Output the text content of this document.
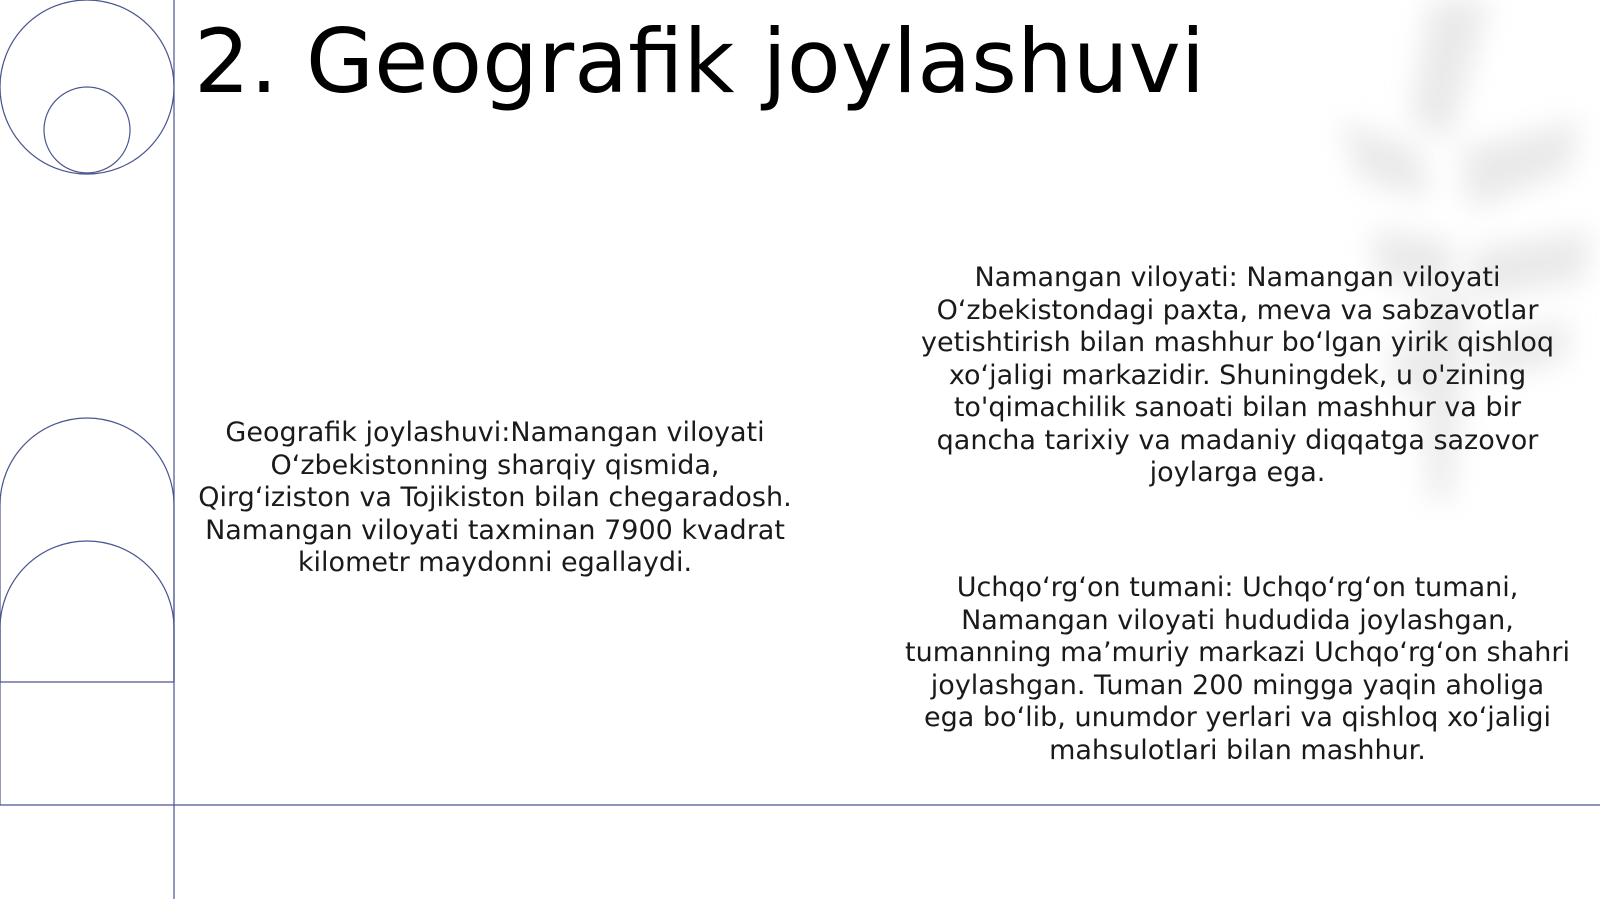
2. Geografik joylashuvi

Geografik joylashuvi:Namangan viloyati O‘zbekistonning sharqiy qismida, Qirg‘iziston va Tojikiston bilan chegaradosh. Namangan viloyati taxminan 7900 kvadrat kilometr maydonni egallaydi.

Namangan viloyati: Namangan viloyati O‘zbekistondagi paxta, meva va sabzavotlar yetishtirish bilan mashhur bo‘lgan yirik qishloq xo‘jaligi markazidir. Shuningdek, u o'zining to'qimachilik sanoati bilan mashhur va bir qancha tarixiy va madaniy diqqatga sazovor joylarga ega.

Uchqo‘rg‘on tumani: Uchqo‘rg‘on tumani, Namangan viloyati hududida joylashgan, tumanning ma’muriy markazi Uchqo‘rg‘on shahri joylashgan. Tuman 200 mingga yaqin aholiga ega bo‘lib, unumdor yerlari va qishloq xo‘jaligi mahsulotlari bilan mashhur.
